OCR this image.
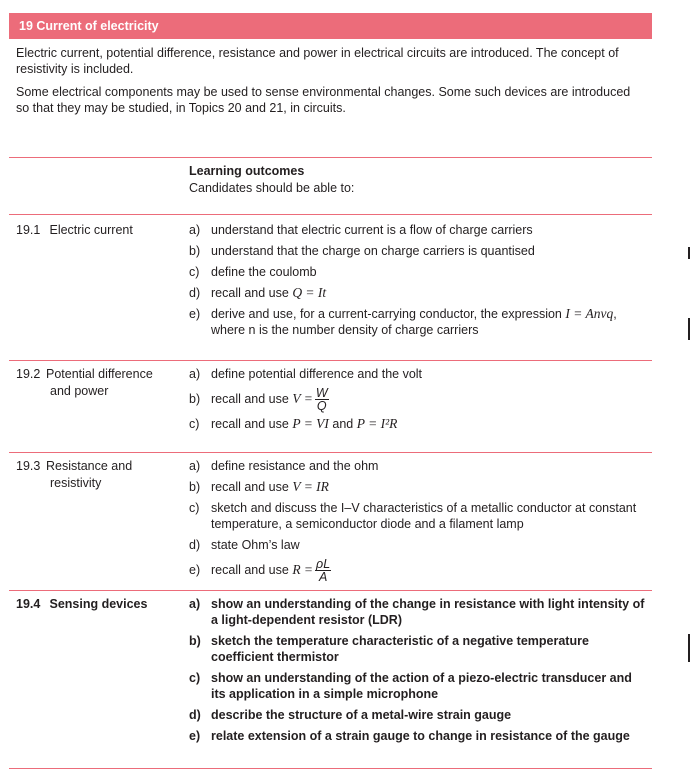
19 Current of electricity

Electric current, potential difference, resistance and power in electrical circuits are introduced. The concept of resistivity is included.

Some electrical components may be used to sense environmental changes. Some such devices are introduced so that they may be studied, in Topics 20 and 21, in circuits.

Learning outcomes
Candidates should be able to:
19.1 Electric current	a) understand that electric current is a flow of charge carriers
b) understand that the charge on charge carriers is quantised
c) define the coulomb
d) recall and use Q = It
e) derive and use, for a current-carrying conductor, the expression I = Anvq, where n is the number density of charge carriers
19.2 Potential difference
and power
a) define potential difference and the volt
b) recall and use $V = \frac{W}{Q}$
c) recall and use P = VI and P = I²R
19.3 Resistance and
resistivity
a) define resistance and the ohm
b) recall and use V = IR
c) sketch and discuss the I–V characteristics of a metallic conductor at constant temperature, a semiconductor diode and a filament lamp
d) state Ohm’s law
e) recall and use $R = \frac{\rho L}{A}$
19.4 Sensing devices	a) show an understanding of the change in resistance with light intensity of a light-dependent resistor (LDR)
b) sketch the temperature characteristic of a negative temperature coefficient thermistor
c) show an understanding of the action of a piezo-electric transducer and its application in a simple microphone
d) describe the structure of a metal-wire strain gauge
e) relate extension of a strain gauge to change in resistance of the gauge
